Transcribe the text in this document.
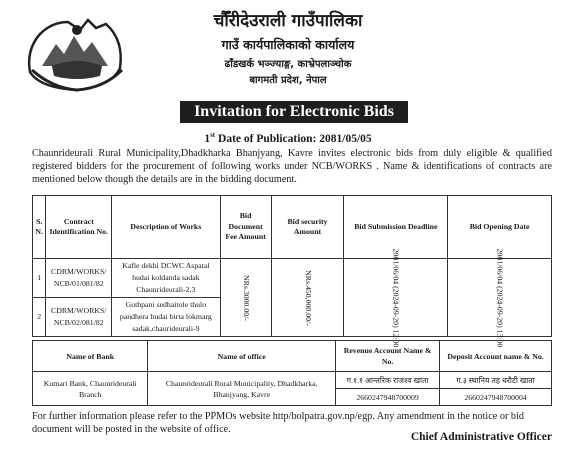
चौँरीदेउराली गाउँपालिका
गाउँ कार्यपालिकाको कार्यालय
ढाँडखर्क भञ्ज्याङ्ग, काभ्रेपलाञ्चोक
बागमती प्रदेश, नेपाल
Invitation for Electronic Bids
1st Date of Publication: 2081/05/05
Chaunrideurali Rural Municipality,Dhadkharka Bhanjyang, Kavre invites electronic bids from duly eligible & qualified registered bidders for the procurement of following works under NCB/WORKS . Name & identifications of contracts are mentioned below though the details are in the bidding document.
S. N.	Contract Identification No.	Description of Works	Bid Document Fee Amount	Bid security Amount	Bid Submission Deadline	Bid Opening Date
1	CDRM/WORKS/ NCB/01/081/82	Kafle dekhi DCWC Aspatal hudai koldanda sadak Chaunrideurali-2,3	NRs.3000.00/-	NRs.450,000.00/-	2081/06/04 (2024-09-20) 12:00	2081/06/04 (2024-09-20) 13:00
2	CDRM/WORKS/ NCB/02/081/82	Gothpani sedhaitole thulo pandhera hudai birta lokmarg sadak,chaurideurali-9				
Name of Bank	Name of office	Revenue Account Name & No.	Deposit Account name & No.
Kumari Bank, Chaunrideurali Branch	Chaunrideurali Rural Municipality, Dhadkharka, Bhanjyang, Kavre	ग.१.१ आन्तरिक राजश्व खाता	ग.३ स्थानिय तह धरौटी खाता
		2660247948700009	2660247948700004
For further information please refer to the PPMOs website http/bolpatra.gov.np/egp. Any amendment in the notice or bid document will be posted in the website of office.
Chief Administrative Officer
